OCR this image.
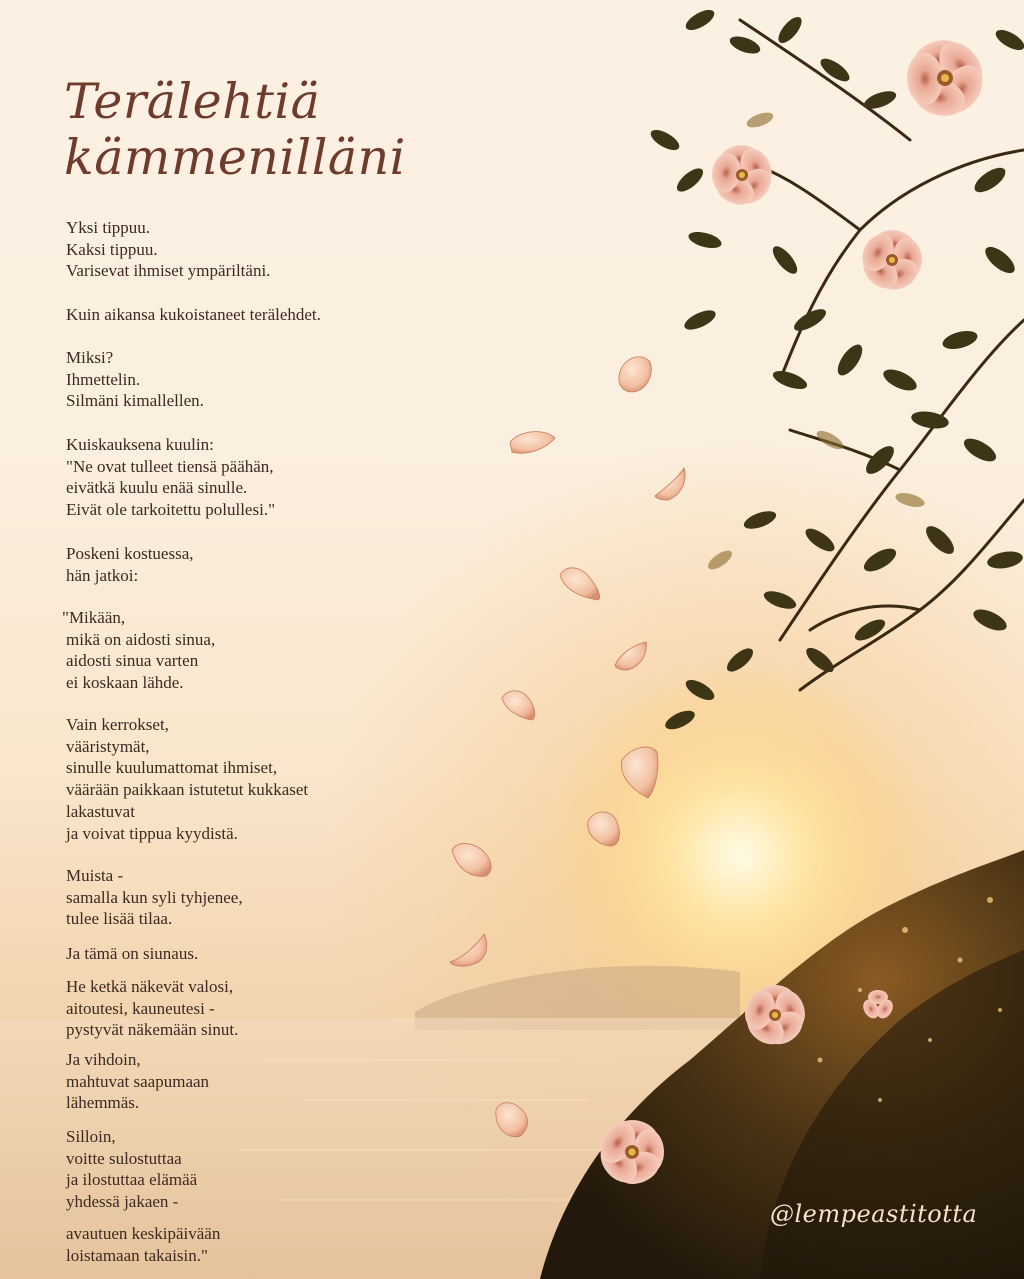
Terälehtiä
kämmenilläni
Yksi tippuu.
Kaksi tippuu.
Varisevat ihmiset ympäriltäni.
Kuin aikansa kukoistaneet terälehdet.
Miksi?
Ihmettelin.
Silmäni kimallellen.
Kuiskauksena kuulin:
"Ne ovat tulleet tiensä päähän,
eivätkä kuulu enää sinulle.
Eivät ole tarkoitettu polullesi."
Poskeni kostuessa,
hän jatkoi:
"Mikään,
mikä on aidosti sinua,
aidosti sinua varten
ei koskaan lähde.
Vain kerrokset,
vääristymät,
sinulle kuulumattomat ihmiset,
väärään paikkaan istutetut kukkaset
lakastuvat
ja voivat tippua kyydistä.
Muista -
samalla kun syli tyhjenee,
tulee lisää tilaa.
Ja tämä on siunaus.
He ketkä näkevät valosi,
aitoutesi, kauneutesi -
pystyvät näkemään sinut.
Ja vihdoin,
mahtuvat saapumaan
lähemmäs.
Silloin,
voitte sulostuttaa
ja ilostuttaa elämää
yhdessä jakaen -
avautuen keskipäivään
loistamaan takaisin."
@lempeastitotta
